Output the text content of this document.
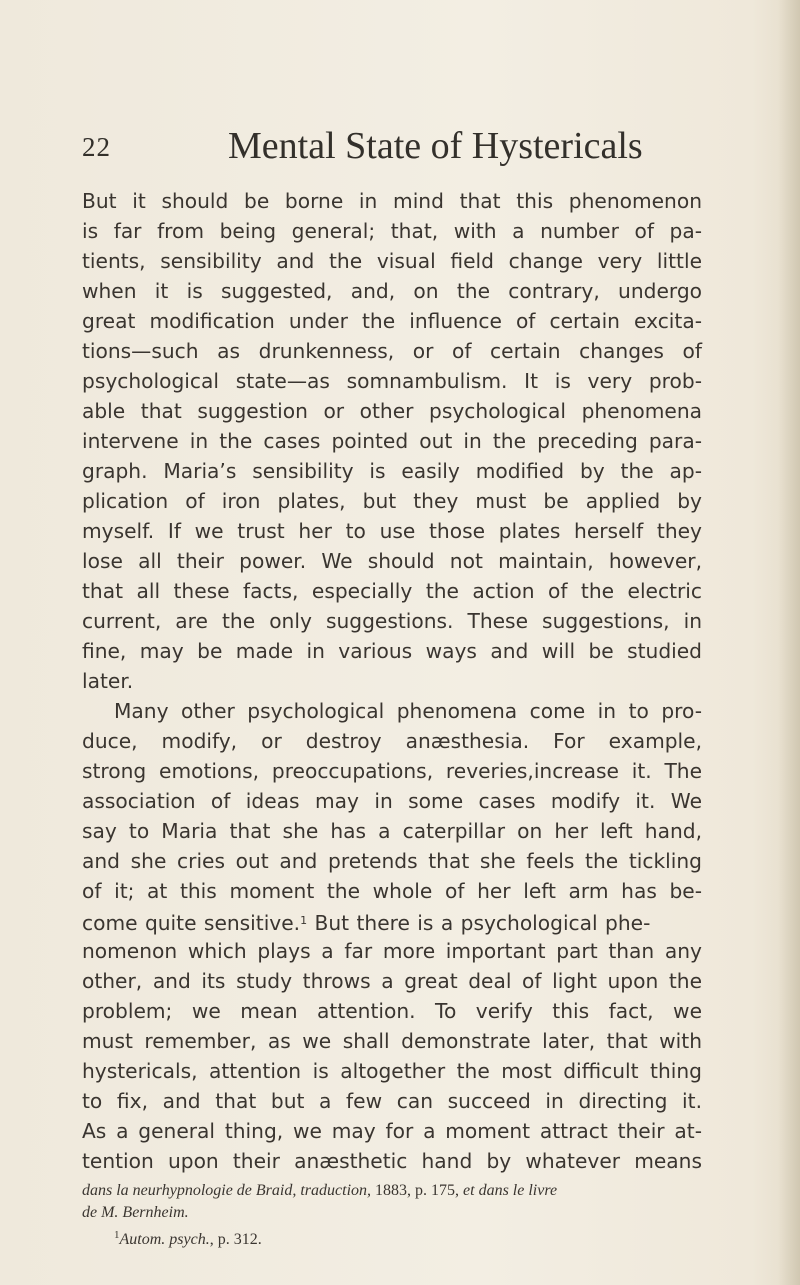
22	Mental State of Hystericals
But it should be borne in mind that this phenomenon
is far from being general; that, with a number of pa-
tients, sensibility and the visual field change very little
when it is suggested, and, on the contrary, undergo
great modification under the influence of certain excita-
tions—such as drunkenness, or of certain changes of
psychological state—as somnambulism. It is very prob-
able that suggestion or other psychological phenomena
intervene in the cases pointed out in the preceding para-
graph. Maria’s sensibility is easily modified by the ap-
plication of iron plates, but they must be applied by
myself. If we trust her to use those plates herself they
lose all their power. We should not maintain, however,
that all these facts, especially the action of the electric
current, are the only suggestions. These suggestions, in
fine, may be made in various ways and will be studied
later.
Many other psychological phenomena come in to pro-
duce, modify, or destroy anæsthesia. For example,
strong emotions, preoccupations, reveries,increase it. The
association of ideas may in some cases modify it. We
say to Maria that she has a caterpillar on her left hand,
and she cries out and pretends that she feels the tickling
of it; at this moment the whole of her left arm has be-
come quite sensitive.$^1$ But there is a psychological phe-
nomenon which plays a far more important part than any
other, and its study throws a great deal of light upon the
problem; we mean attention. To verify this fact, we
must remember, as we shall demonstrate later, that with
hystericals, attention is altogether the most difficult thing
to fix, and that but a few can succeed in directing it.
As a general thing, we may for a moment attract their at-
tention upon their anæsthetic hand by whatever means
dans la neurhypnologie de Braid, traduction, 1883, p. 175, et dans le livre
de M. Bernheim.
$^1$Autom. psych., p. 312.
